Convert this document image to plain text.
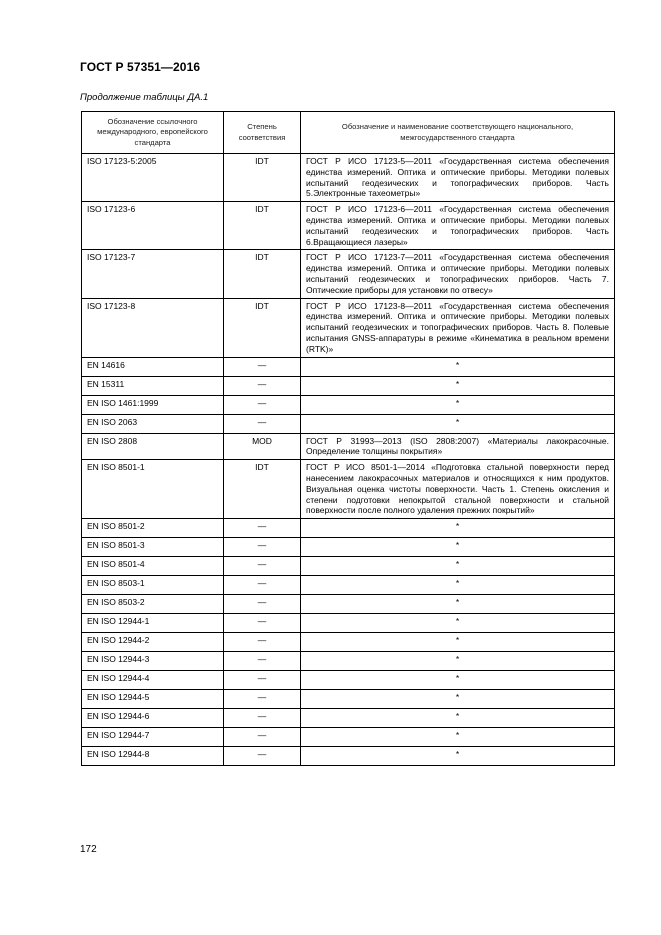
ГОСТ Р 57351—2016
Продолжение таблицы ДА.1
Обозначение ссылочного международного, европейского стандарта	Степень соответствия	Обозначение и наименование соответствующего национального, межгосударственного стандарта
ISO 17123-5:2005	IDT	ГОСТ Р ИСО 17123-5—2011 «Государственная система обеспечения единства измерений. Оптика и оптические приборы. Методики полевых испытаний геодезических и топографических приборов. Часть 5.Электронные тахеометры»
ISO 17123-6	IDT	ГОСТ Р ИСО 17123-6—2011 «Государственная система обеспечения единства измерений. Оптика и оптические приборы. Методики полевых испытаний геодезических и топографических приборов. Часть 6.Вращающиеся лазеры»
ISO 17123-7	IDT	ГОСТ Р ИСО 17123-7—2011 «Государственная система обеспечения единства измерений. Оптика и оптические приборы. Методики полевых испытаний геодезических и топографических приборов. Часть 7. Оптические приборы для установки по отвесу»
ISO 17123-8	IDT	ГОСТ Р ИСО 17123-8—2011 «Государственная система обеспечения единства измерений. Оптика и оптические приборы. Методики полевых испытаний геодезических и топографических приборов. Часть 8. Полевые испытания GNSS-аппаратуры в режиме «Кинематика в реальном времени (RTK)»
EN 14616	—	*
EN 15311	—	*
EN ISO 1461:1999	—	*
EN ISO 2063	—	*
EN ISO 2808	MOD	ГОСТ Р 31993—2013 (ISO 2808:2007) «Материалы лакокрасочные. Определение толщины покрытия»
EN ISO 8501-1	IDT	ГОСТ Р ИСО 8501-1—2014 «Подготовка стальной поверхности перед нанесением лакокрасочных материалов и относящихся к ним продуктов. Визуальная оценка чистоты поверхности. Часть 1. Степень окисления и степени подготовки непокрытой стальной поверхности и стальной поверхности после полного удаления прежних покрытий»
EN ISO 8501-2	—	*
EN ISO 8501-3	—	*
EN ISO 8501-4	—	*
EN ISO 8503-1	—	*
EN ISO 8503-2	—	*
EN ISO 12944-1	—	*
EN ISO 12944-2	—	*
EN ISO 12944-3	—	*
EN ISO 12944-4	—	*
EN ISO 12944-5	—	*
EN ISO 12944-6	—	*
EN ISO 12944-7	—	*
EN ISO 12944-8	—	*
172
